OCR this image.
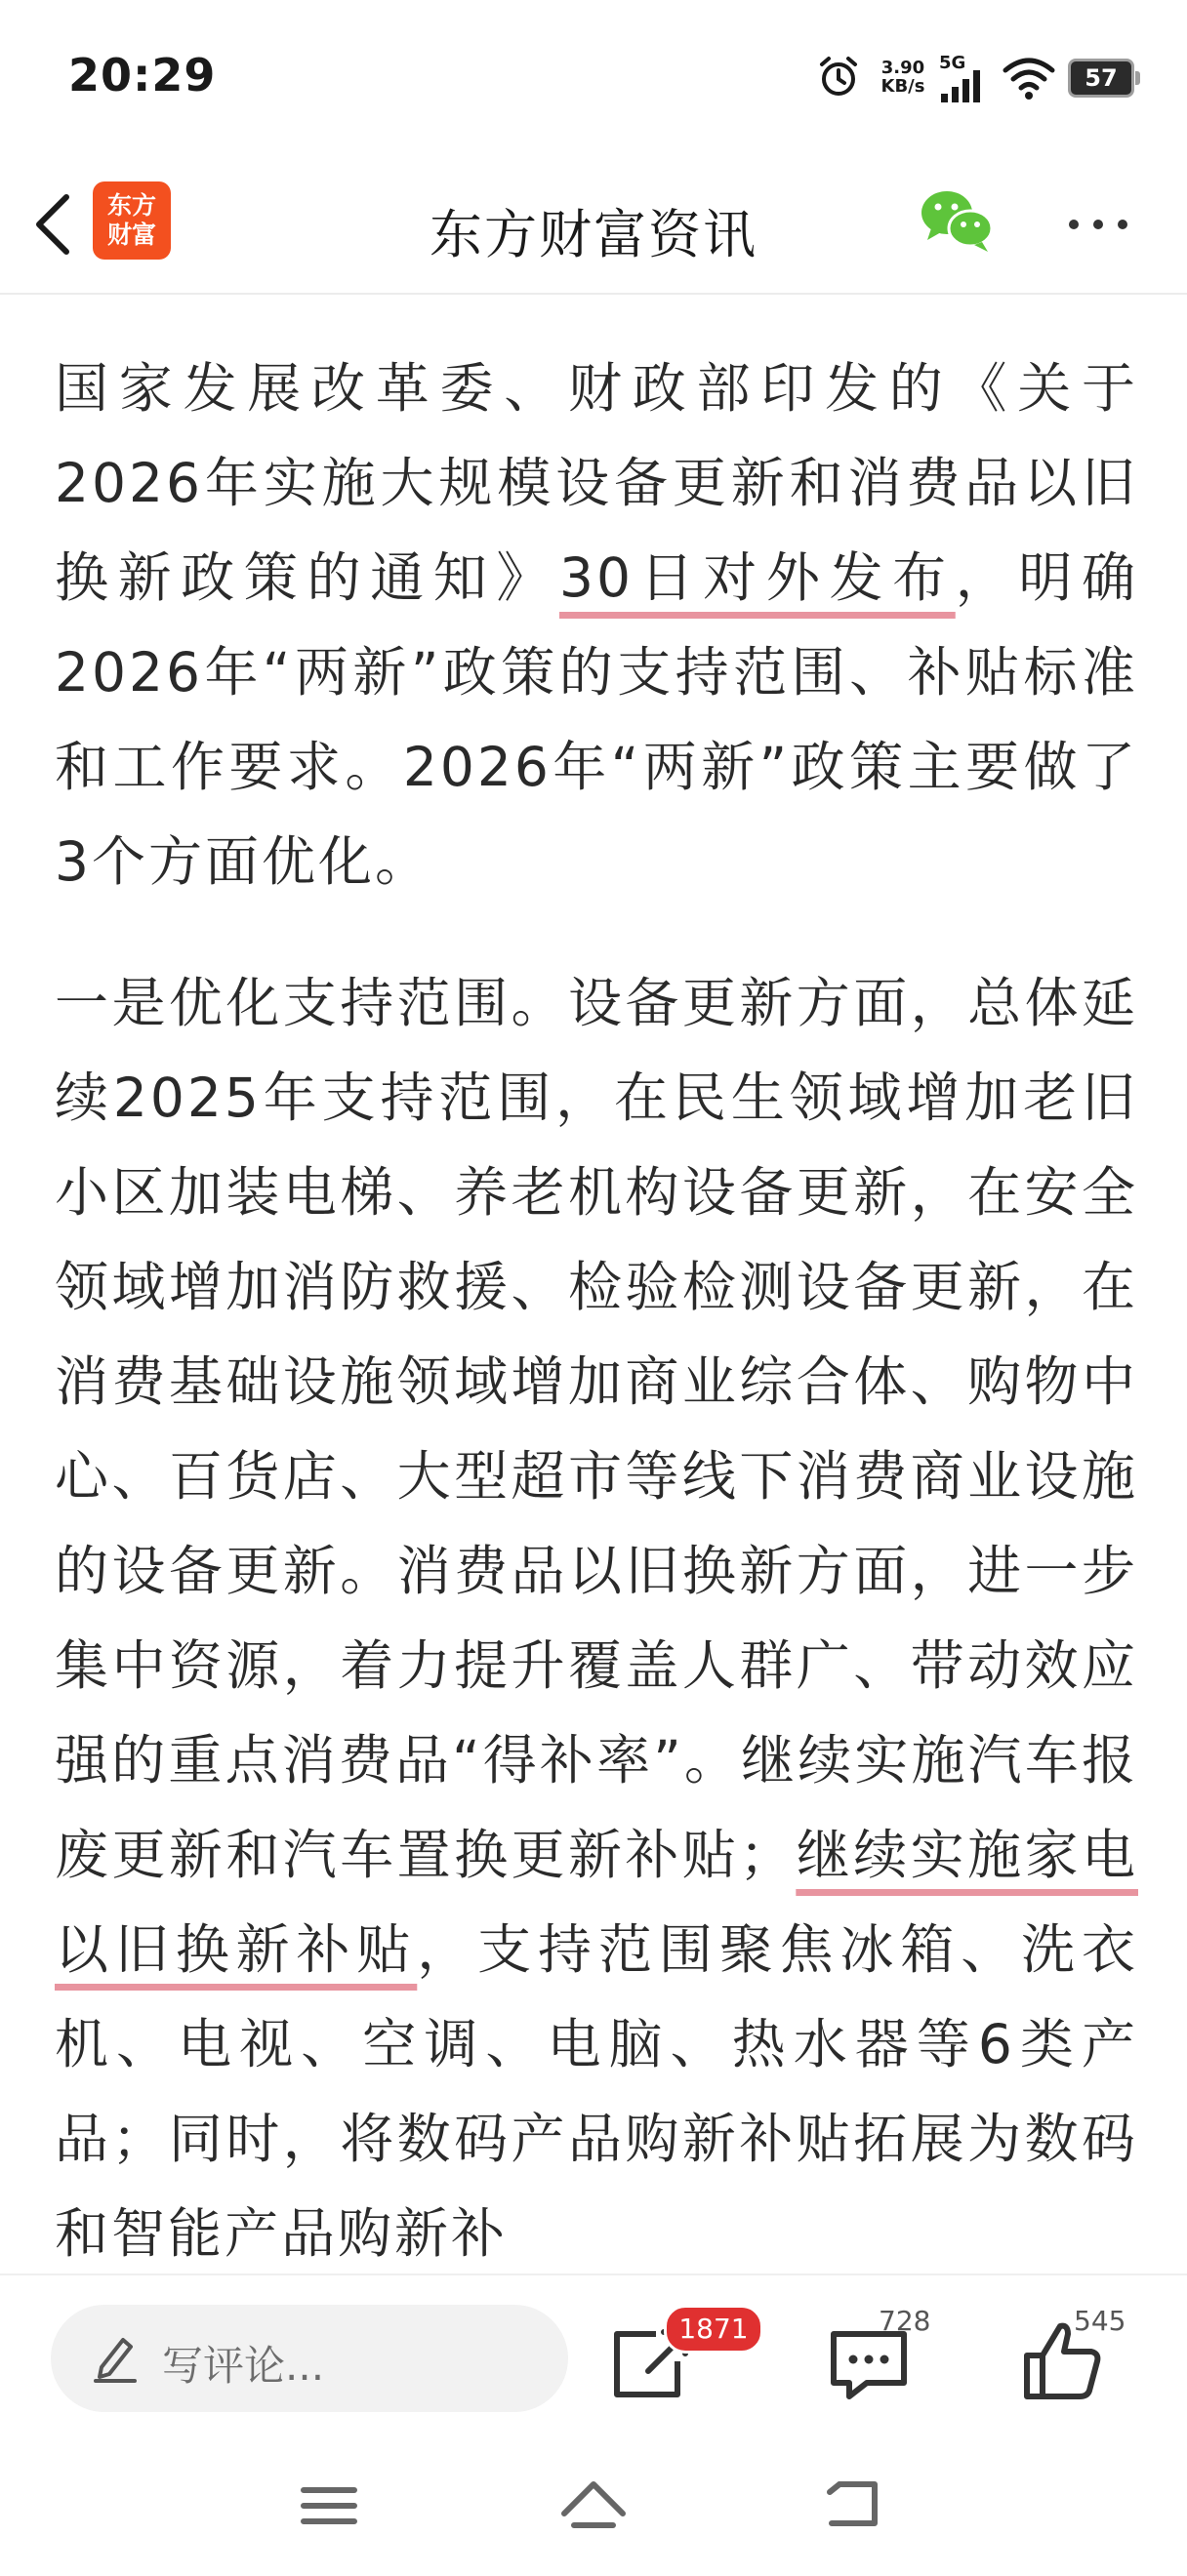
20:29	3.90
KB/s
5G
57
东方
财富	东方财富资讯

国家发展改革委、财政部印发的《关于2026年实施大规模设备更新和消费品以旧换新政策的通知》30日对外发布，明确2026年“两新”政策的支持范围、补贴标准和工作要求。2026年“两新”政策主要做了3个方面优化。

一是优化支持范围。设备更新方面，总体延续2025年支持范围，在民生领域增加老旧小区加装电梯、养老机构设备更新，在安全领域增加消防救援、检验检测设备更新，在消费基础设施领域增加商业综合体、购物中心、百货店、大型超市等线下消费商业设施的设备更新。消费品以旧换新方面，进一步集中资源，着力提升覆盖人群广、带动效应强的重点消费品“得补率”。继续实施汽车报废更新和汽车置换更新补贴；继续实施家电以旧换新补贴，支持范围聚焦冰箱、洗衣机、电视、空调、电脑、热水器等6类产品；同时，将数码产品购新补贴拓展为数码和智能产品购新补

写评论...
1871	728	545
